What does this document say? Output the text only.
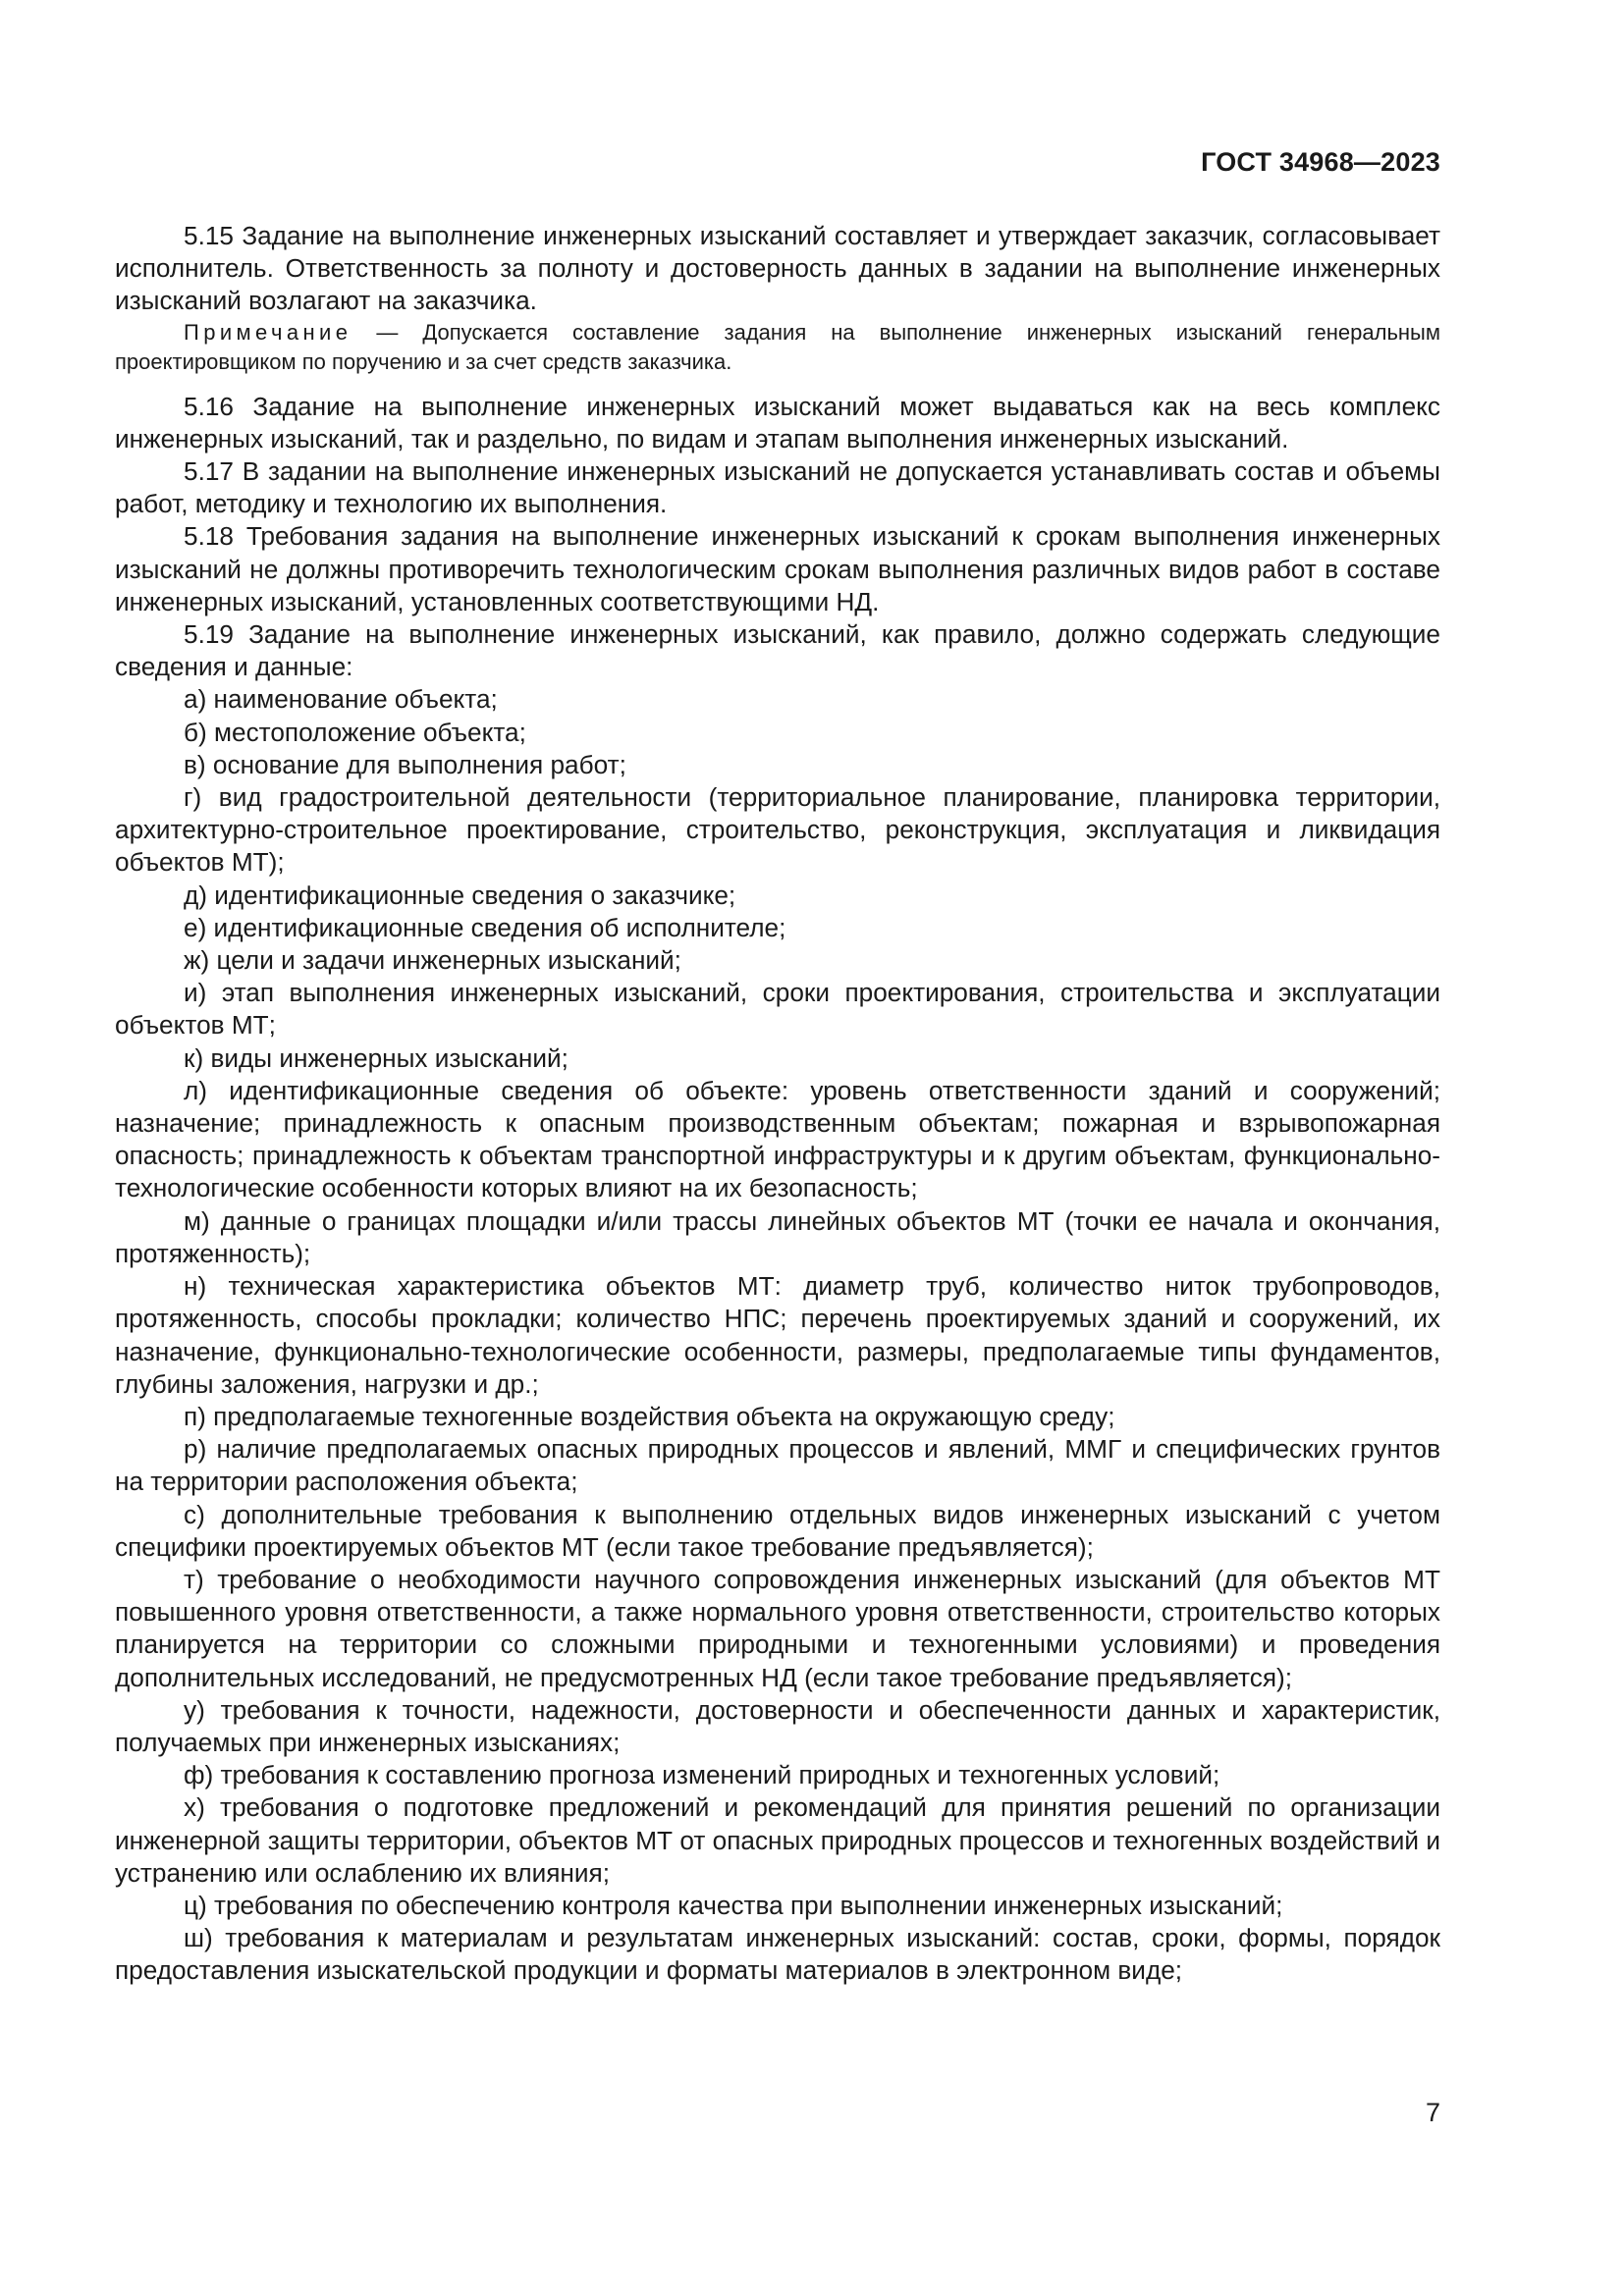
ГОСТ 34968—2023

5.15 Задание на выполнение инженерных изысканий составляет и утверждает заказчик, согласовывает исполнитель. Ответственность за полноту и достоверность данных в задании на выполнение инженерных изысканий возлагают на заказчика.

Примечание — Допускается составление задания на выполнение инженерных изысканий генеральным проектировщиком по поручению и за счет средств заказчика.

5.16 Задание на выполнение инженерных изысканий может выдаваться как на весь комплекс инженерных изысканий, так и раздельно, по видам и этапам выполнения инженерных изысканий.

5.17 В задании на выполнение инженерных изысканий не допускается устанавливать состав и объемы работ, методику и технологию их выполнения.

5.18 Требования задания на выполнение инженерных изысканий к срокам выполнения инженерных изысканий не должны противоречить технологическим срокам выполнения различных видов работ в составе инженерных изысканий, установленных соответствующими НД.

5.19 Задание на выполнение инженерных изысканий, как правило, должно содержать следующие сведения и данные:

а) наименование объекта;

б) местоположение объекта;

в) основание для выполнения работ;

г) вид градостроительной деятельности (территориальное планирование, планировка территории, архитектурно-строительное проектирование, строительство, реконструкция, эксплуатация и ликвидация объектов МТ);

д) идентификационные сведения о заказчике;

е) идентификационные сведения об исполнителе;

ж) цели и задачи инженерных изысканий;

и) этап выполнения инженерных изысканий, сроки проектирования, строительства и эксплуатации объектов МТ;

к) виды инженерных изысканий;

л) идентификационные сведения об объекте: уровень ответственности зданий и сооружений; назначение; принадлежность к опасным производственным объектам; пожарная и взрывопожарная опасность; принадлежность к объектам транспортной инфраструктуры и к другим объектам, функционально-технологические особенности которых влияют на их безопасность;

м) данные о границах площадки и/или трассы линейных объектов МТ (точки ее начала и окончания, протяженность);

н) техническая характеристика объектов МТ: диаметр труб, количество ниток трубопроводов, протяженность, способы прокладки; количество НПС; перечень проектируемых зданий и сооружений, их назначение, функционально-технологические особенности, размеры, предполагаемые типы фундаментов, глубины заложения, нагрузки и др.;

п) предполагаемые техногенные воздействия объекта на окружающую среду;

р) наличие предполагаемых опасных природных процессов и явлений, ММГ и специфических грунтов на территории расположения объекта;

с) дополнительные требования к выполнению отдельных видов инженерных изысканий с учетом специфики проектируемых объектов МТ (если такое требование предъявляется);

т) требование о необходимости научного сопровождения инженерных изысканий (для объектов МТ повышенного уровня ответственности, а также нормального уровня ответственности, строительство которых планируется на территории со сложными природными и техногенными условиями) и проведения дополнительных исследований, не предусмотренных НД (если такое требование предъявляется);

у) требования к точности, надежности, достоверности и обеспеченности данных и характеристик, получаемых при инженерных изысканиях;

ф) требования к составлению прогноза изменений природных и техногенных условий;

х) требования о подготовке предложений и рекомендаций для принятия решений по организации инженерной защиты территории, объектов МТ от опасных природных процессов и техногенных воздействий и устранению или ослаблению их влияния;

ц) требования по обеспечению контроля качества при выполнении инженерных изысканий;

ш) требования к материалам и результатам инженерных изысканий: состав, сроки, формы, порядок предоставления изыскательской продукции и форматы материалов в электронном виде;

7
